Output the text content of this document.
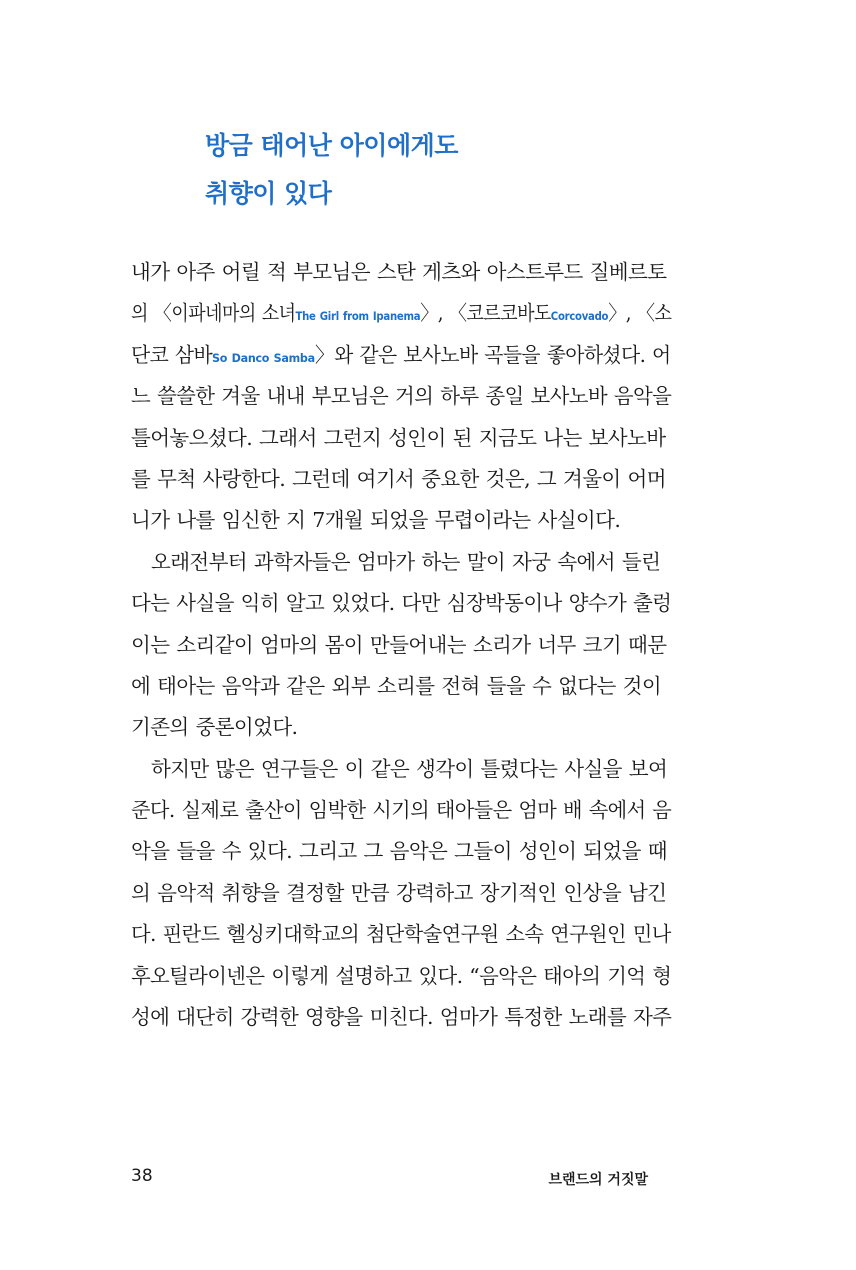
방금 태어난 아이에게도
취향이 있다
내가 아주 어릴 적 부모님은 스탄 게츠와 아스트루드 질베르토
의 〈이파네마의 소녀The Girl from Ipanema〉, 〈코르코바도Corcovado〉, 〈소
단코 삼바So Danco Samba〉와 같은 보사노바 곡들을 좋아하셨다. 어
느 쓸쓸한 겨울 내내 부모님은 거의 하루 종일 보사노바 음악을
틀어놓으셨다. 그래서 그런지 성인이 된 지금도 나는 보사노바
를 무척 사랑한다. 그런데 여기서 중요한 것은, 그 겨울이 어머
니가 나를 임신한 지 7개월 되었을 무렵이라는 사실이다.
오래전부터 과학자들은 엄마가 하는 말이 자궁 속에서 들린
다는 사실을 익히 알고 있었다. 다만 심장박동이나 양수가 출렁
이는 소리같이 엄마의 몸이 만들어내는 소리가 너무 크기 때문
에 태아는 음악과 같은 외부 소리를 전혀 들을 수 없다는 것이
기존의 중론이었다.
하지만 많은 연구들은 이 같은 생각이 틀렸다는 사실을 보여
준다. 실제로 출산이 임박한 시기의 태아들은 엄마 배 속에서 음
악을 들을 수 있다. 그리고 그 음악은 그들이 성인이 되었을 때
의 음악적 취향을 결정할 만큼 강력하고 장기적인 인상을 남긴
다. 핀란드 헬싱키대학교의 첨단학술연구원 소속 연구원인 민나
후오틸라이넨은 이렇게 설명하고 있다. “음악은 태아의 기억 형
성에 대단히 강력한 영향을 미친다. 엄마가 특정한 노래를 자주
38	브랜드의 거짓말
